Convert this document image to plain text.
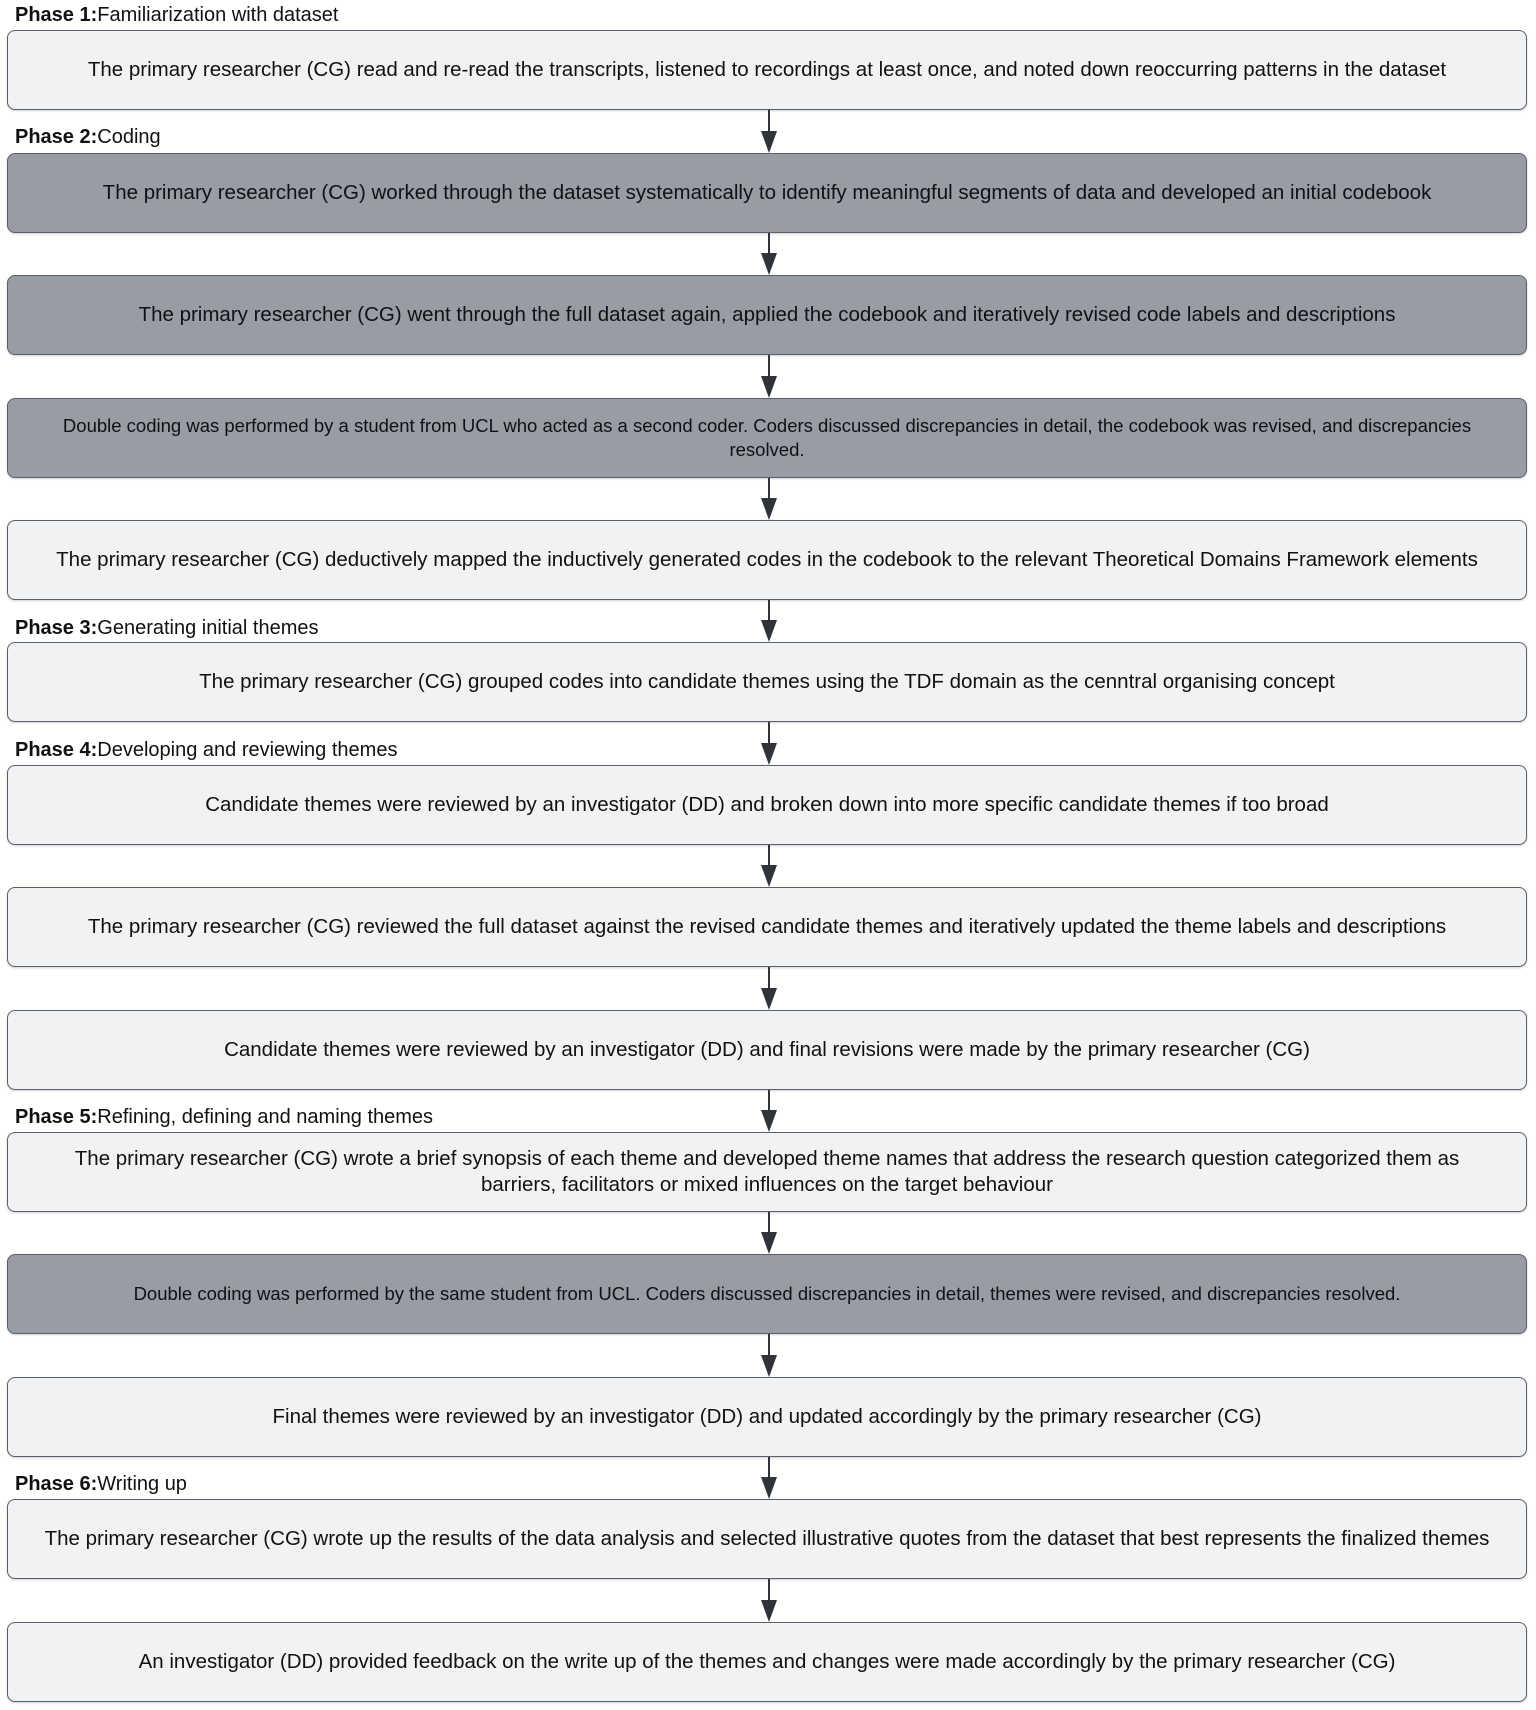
Phase 1:Familiarization with dataset
Phase 2:Coding
Phase 3:Generating initial themes
Phase 4:Developing and reviewing themes
Phase 5:Refining, defining and naming themes
Phase 6:Writing up
The primary researcher (CG) read and re-read the transcripts, listened to recordings at least once, and noted down reoccurring patterns in the dataset
The primary researcher (CG) worked through the dataset systematically to identify meaningful segments of data and developed an initial codebook
The primary researcher (CG) went through the full dataset again, applied the codebook and iteratively revised code labels and descriptions
Double coding was performed by a student from UCL who acted as a second coder. Coders discussed discrepancies in detail, the codebook was revised, and discrepancies resolved.
The primary researcher (CG) deductively mapped the inductively generated codes in the codebook to the relevant Theoretical Domains Framework elements
The primary researcher (CG) grouped codes into candidate themes using the TDF domain as the cenntral organising concept
Candidate themes were reviewed by an investigator (DD) and broken down into more specific candidate themes if too broad
The primary researcher (CG) reviewed the full dataset against the revised candidate themes and iteratively updated the theme labels and descriptions
Candidate themes were reviewed by an investigator (DD) and final revisions were made by the primary researcher (CG)
The primary researcher (CG) wrote a brief synopsis of each theme and developed theme names that address the research question categorized them as barriers, facilitators or mixed influences on the target behaviour
Double coding was performed by the same student from UCL. Coders discussed discrepancies in detail, themes were revised, and discrepancies resolved.
Final themes were reviewed by an investigator (DD) and updated accordingly by the primary researcher (CG)
The primary researcher (CG) wrote up the results of the data analysis and selected illustrative quotes from the dataset that best represents the finalized themes
An investigator (DD) provided feedback on the write up of the themes and changes were made accordingly by the primary researcher (CG)
